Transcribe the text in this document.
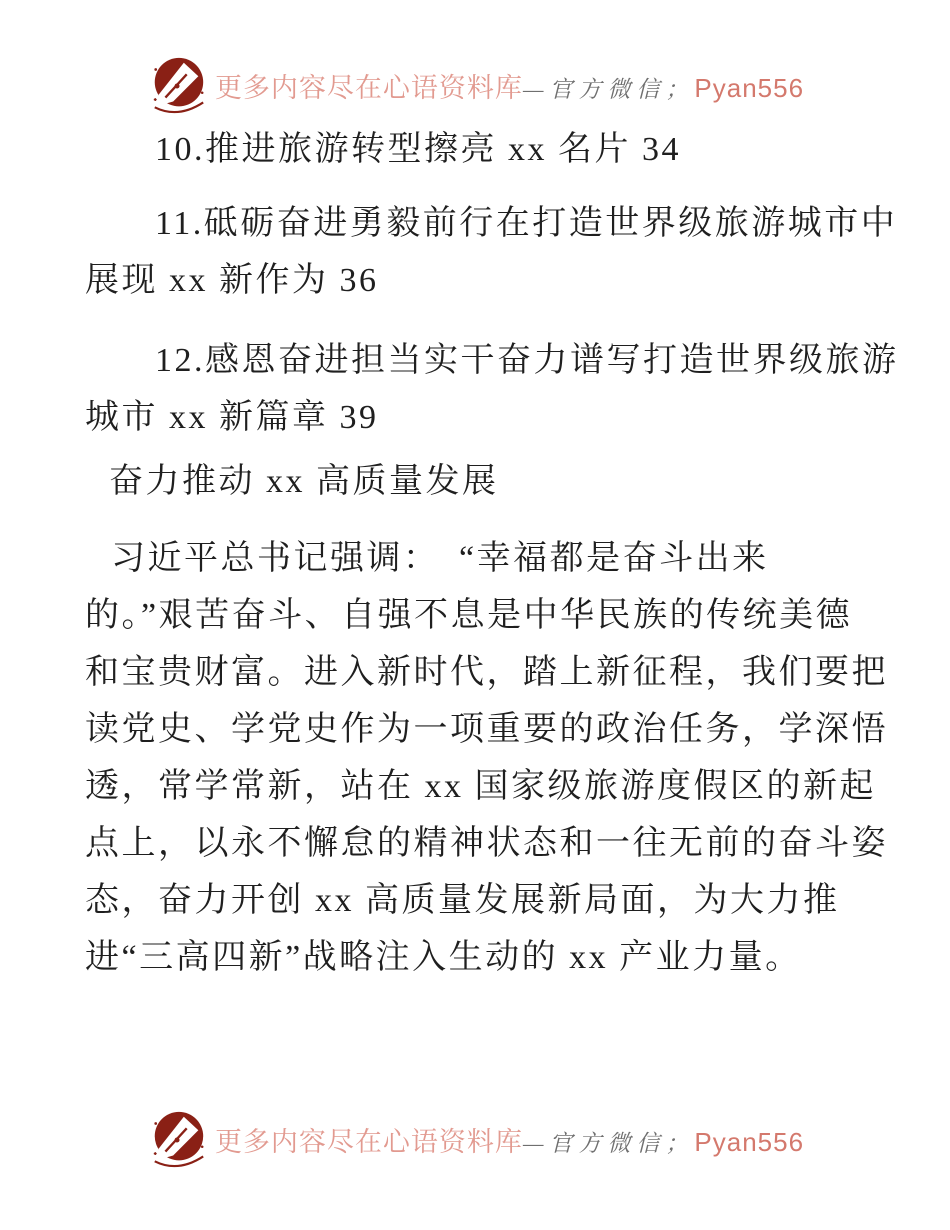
更多内容尽在心语资料库—官方微信；Pyan556
10.推进旅游转型擦亮 xx 名片 34
11.砥砺奋进勇毅前行在打造世界级旅游城市中
展现 xx 新作为 36
12.感恩奋进担当实干奋力谱写打造世界级旅游
城市 xx 新篇章 39
奋力推动 xx 高质量发展
习近平总书记强调：　“幸福都是奋斗出来
的。”艰苦奋斗、自强不息是中华民族的传统美德
和宝贵财富。进入新时代，踏上新征程，我们要把
读党史、学党史作为一项重要的政治任务，学深悟
透，常学常新，站在 xx 国家级旅游度假区的新起
点上，以永不懈怠的精神状态和一往无前的奋斗姿
态，奋力开创 xx 高质量发展新局面，为大力推
进“三高四新”战略注入生动的 xx 产业力量。
更多内容尽在心语资料库—官方微信；Pyan556
